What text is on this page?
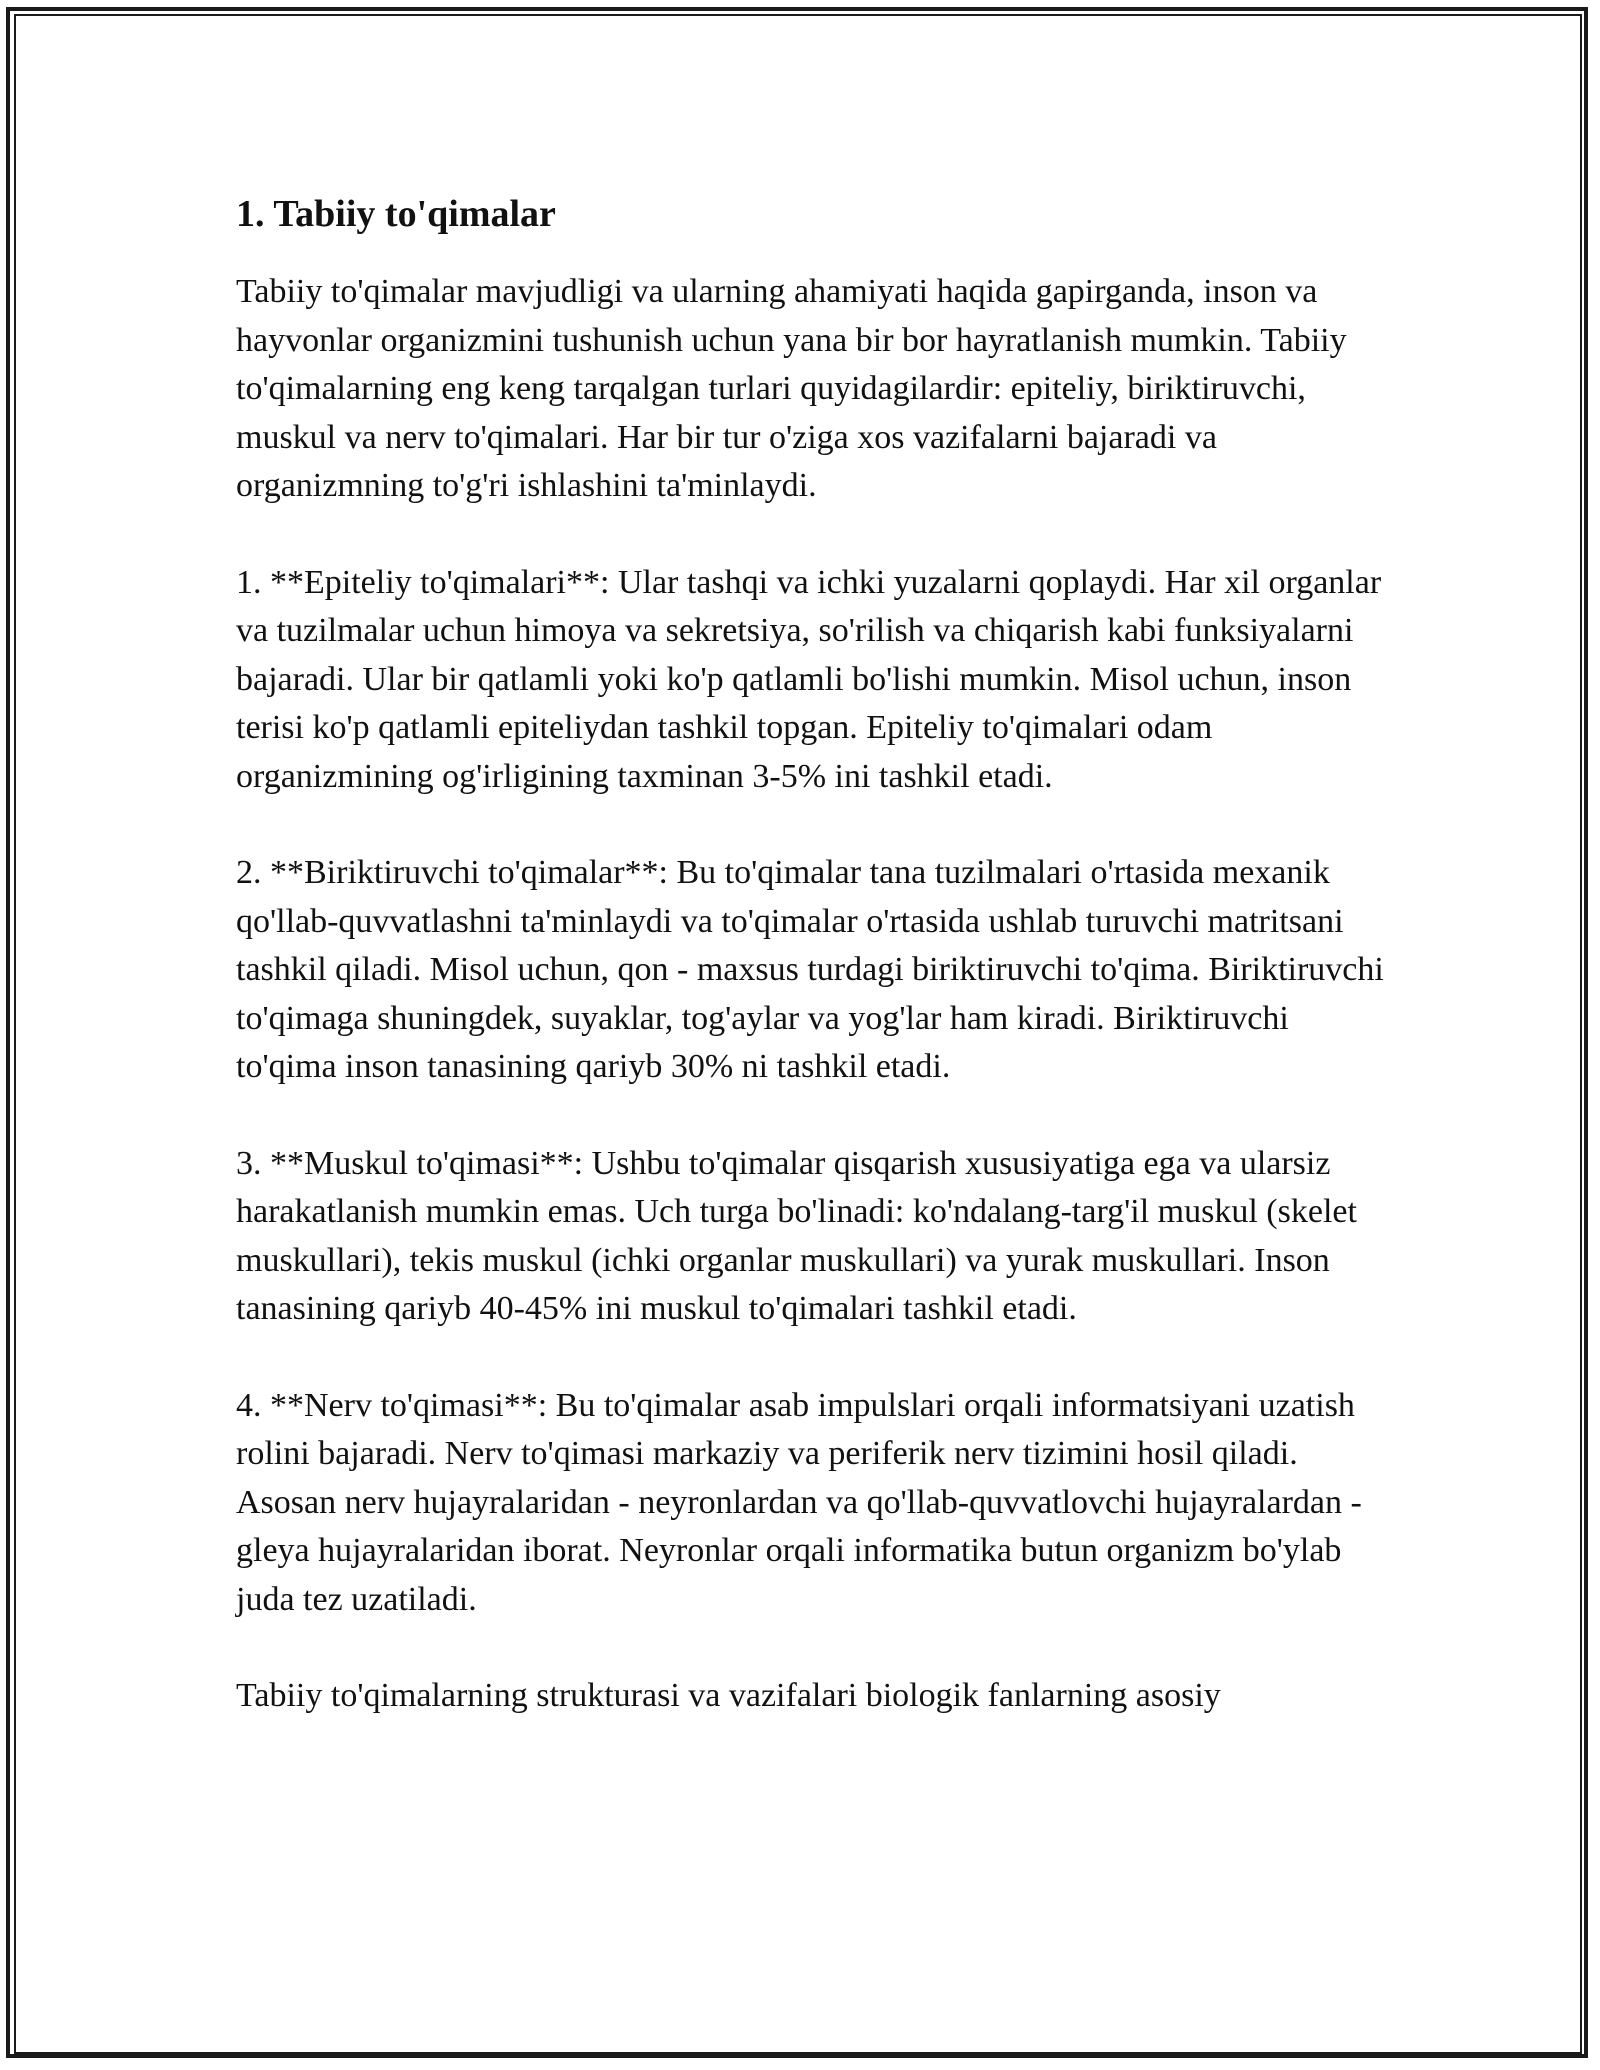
1. Tabiiy to'qimalar

Tabiiy to'qimalar mavjudligi va ularning ahamiyati haqida gapirganda, inson va hayvonlar organizmini tushunish uchun yana bir bor hayratlanish mumkin. Tabiiy to'qimalarning eng keng tarqalgan turlari quyidagilardir: epiteliy, biriktiruvchi, muskul va nerv to'qimalari. Har bir tur o'ziga xos vazifalarni bajaradi va organizmning to'g'ri ishlashini ta'minlaydi.

1. **Epiteliy to'qimalari**: Ular tashqi va ichki yuzalarni qoplaydi. Har xil organlar va tuzilmalar uchun himoya va sekretsiya, so'rilish va chiqarish kabi funksiyalarni bajaradi. Ular bir qatlamli yoki ko'p qatlamli bo'lishi mumkin. Misol uchun, inson terisi ko'p qatlamli epiteliydan tashkil topgan. Epiteliy to'qimalari odam organizmining og'irligining taxminan 3-5% ini tashkil etadi.

2. **Biriktiruvchi to'qimalar**: Bu to'qimalar tana tuzilmalari o'rtasida mexanik qo'llab-quvvatlashni ta'minlaydi va to'qimalar o'rtasida ushlab turuvchi matritsani tashkil qiladi. Misol uchun, qon - maxsus turdagi biriktiruvchi to'qima. Biriktiruvchi to'qimaga shuningdek, suyaklar, tog'aylar va yog'lar ham kiradi. Biriktiruvchi to'qima inson tanasining qariyb 30% ni tashkil etadi.

3. **Muskul to'qimasi**: Ushbu to'qimalar qisqarish xususiyatiga ega va ularsiz harakatlanish mumkin emas. Uch turga bo'linadi: ko'ndalang-targ'il muskul (skelet muskullari), tekis muskul (ichki organlar muskullari) va yurak muskullari. Inson tanasining qariyb 40-45% ini muskul to'qimalari tashkil etadi.

4. **Nerv to'qimasi**: Bu to'qimalar asab impulslari orqali informatsiyani uzatish rolini bajaradi. Nerv to'qimasi markaziy va periferik nerv tizimini hosil qiladi. Asosan nerv hujayralaridan - neyronlardan va qo'llab-quvvatlovchi hujayralardan - gleya hujayralaridan iborat. Neyronlar orqali informatika butun organizm bo'ylab juda tez uzatiladi.

Tabiiy to'qimalarning strukturasi va vazifalari biologik fanlarning asosiy
